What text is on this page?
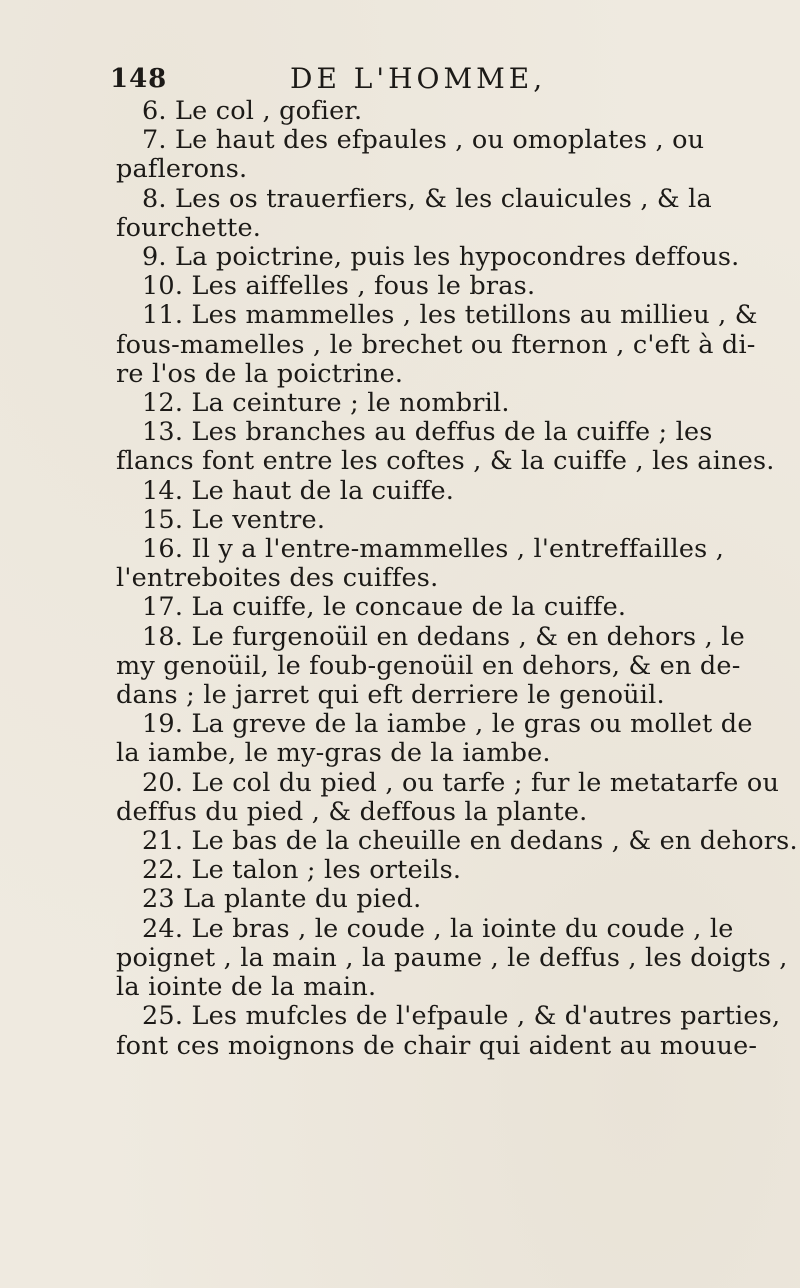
148	DE L'HOMME,
6. Le col , gofier.
7. Le haut des efpaules , ou omoplates , ou
paflerons.
8. Les os trauerfiers, & les clauicules , & la
fourchette.
9. La poictrine, puis les hypocondres deffous.
10. Les aiffelles , fous le bras.
11. Les mammelles , les tetillons au millieu , &
fous-mamelles , le brechet ou fternon , c'eft à di-
re l'os de la poictrine.
12. La ceinture ; le nombril.
13. Les branches au deffus de la cuiffe ; les
flancs font entre les coftes , & la cuiffe , les aines.
14. Le haut de la cuiffe.
15. Le ventre.
16. Il y a l'entre-mammelles , l'entreffailles ,
l'entreboites des cuiffes.
17. La cuiffe, le concaue de la cuiffe.
18. Le furgenoüil en dedans , & en dehors , le
my genoüil, le foub-genoüil en dehors, & en de-
dans ; le jarret qui eft derriere le genoüil.
19. La greve de la iambe , le gras ou mollet de
la iambe, le my-gras de la iambe.
20. Le col du pied , ou tarfe ; fur le metatarfe ou
deffus du pied , & deffous la plante.
21. Le bas de la cheuille en dedans , & en dehors.
22. Le talon ; les orteils.
23 La plante du pied.
24. Le bras , le coude , la iointe du coude , le
poignet , la main , la paume , le deffus , les doigts ,
la iointe de la main.
25. Les mufcles de l'efpaule , & d'autres parties,
font ces moignons de chair qui aident au mouue-
